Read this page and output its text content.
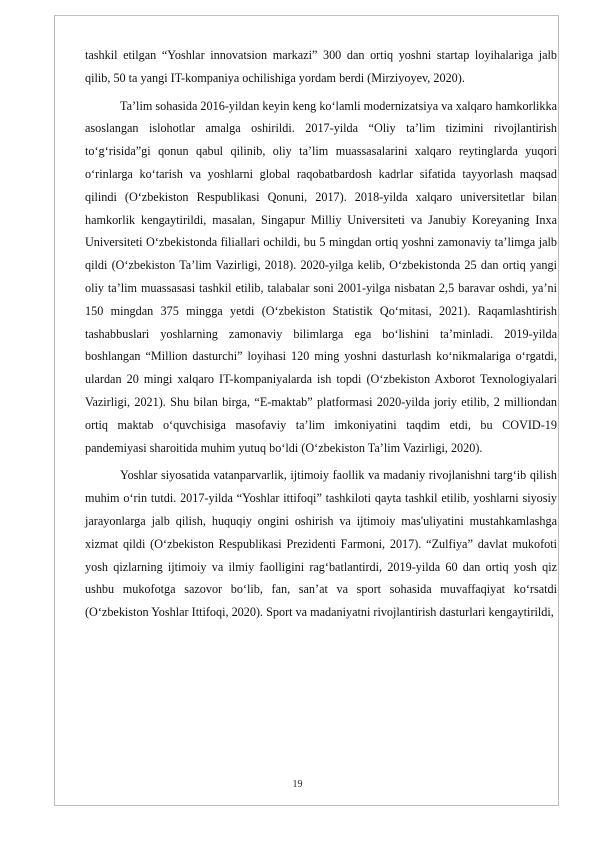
tashkil etilgan “Yoshlar innovatsion markazi” 300 dan ortiq yoshni startap loyihalariga jalb qilib, 50 ta yangi IT-kompaniya ochilishiga yordam berdi (Mirziyoyev, 2020).

Ta’lim sohasida 2016-yildan keyin keng ko‘lamli modernizatsiya va xalqaro hamkorlikka asoslangan islohotlar amalga oshirildi. 2017-yilda “Oliy ta’lim tizimini rivojlantirish to‘g‘risida”gi qonun qabul qilinib, oliy ta’lim muassasalarini xalqaro reytinglarda yuqori o‘rinlarga ko‘tarish va yoshlarni global raqobatbardosh kadrlar sifatida tayyorlash maqsad qilindi (O‘zbekiston Respublikasi Qonuni, 2017). 2018-yilda xalqaro universitetlar bilan hamkorlik kengaytirildi, masalan, Singapur Milliy Universiteti va Janubiy Koreyaning Inxa Universiteti O‘zbekistonda filiallari ochildi, bu 5 mingdan ortiq yoshni zamonaviy ta’limga jalb qildi (O‘zbekiston Ta’lim Vazirligi, 2018). 2020-yilga kelib, O‘zbekistonda 25 dan ortiq yangi oliy ta’lim muassasasi tashkil etilib, talabalar soni 2001-yilga nisbatan 2,5 baravar oshdi, ya’ni 150 mingdan 375 mingga yetdi (O‘zbekiston Statistik Qo‘mitasi, 2021). Raqamlashtirish tashabbuslari yoshlarning zamonaviy bilimlarga ega bo‘lishini ta’minladi. 2019-yilda boshlangan “Million dasturchi” loyihasi 120 ming yoshni dasturlash ko‘nikmalariga o‘rgatdi, ulardan 20 mingi xalqaro IT-kompaniyalarda ish topdi (O‘zbekiston Axborot Texnologiyalari Vazirligi, 2021). Shu bilan birga, “E-maktab” platformasi 2020-yilda joriy etilib, 2 milliondan ortiq maktab o‘quvchisiga masofaviy ta’lim imkoniyatini taqdim etdi, bu COVID-19 pandemiyasi sharoitida muhim yutuq bo‘ldi (O‘zbekiston Ta’lim Vazirligi, 2020).

Yoshlar siyosatida vatanparvarlik, ijtimoiy faollik va madaniy rivojlanishni targ‘ib qilish muhim o‘rin tutdi. 2017-yilda “Yoshlar ittifoqi” tashkiloti qayta tashkil etilib, yoshlarni siyosiy jarayonlarga jalb qilish, huquqiy ongini oshirish va ijtimoiy mas'uliyatini mustahkamlashga xizmat qildi (O‘zbekiston Respublikasi Prezidenti Farmoni, 2017). “Zulfiya” davlat mukofoti yosh qizlarning ijtimoiy va ilmiy faolligini rag‘batlantirdi, 2019-yilda 60 dan ortiq yosh qiz ushbu mukofotga sazovor bo‘lib, fan, san’at va sport sohasida muvaffaqiyat ko‘rsatdi (O‘zbekiston Yoshlar Ittifoqi, 2020). Sport va madaniyatni rivojlantirish dasturlari kengaytirildi,

19
